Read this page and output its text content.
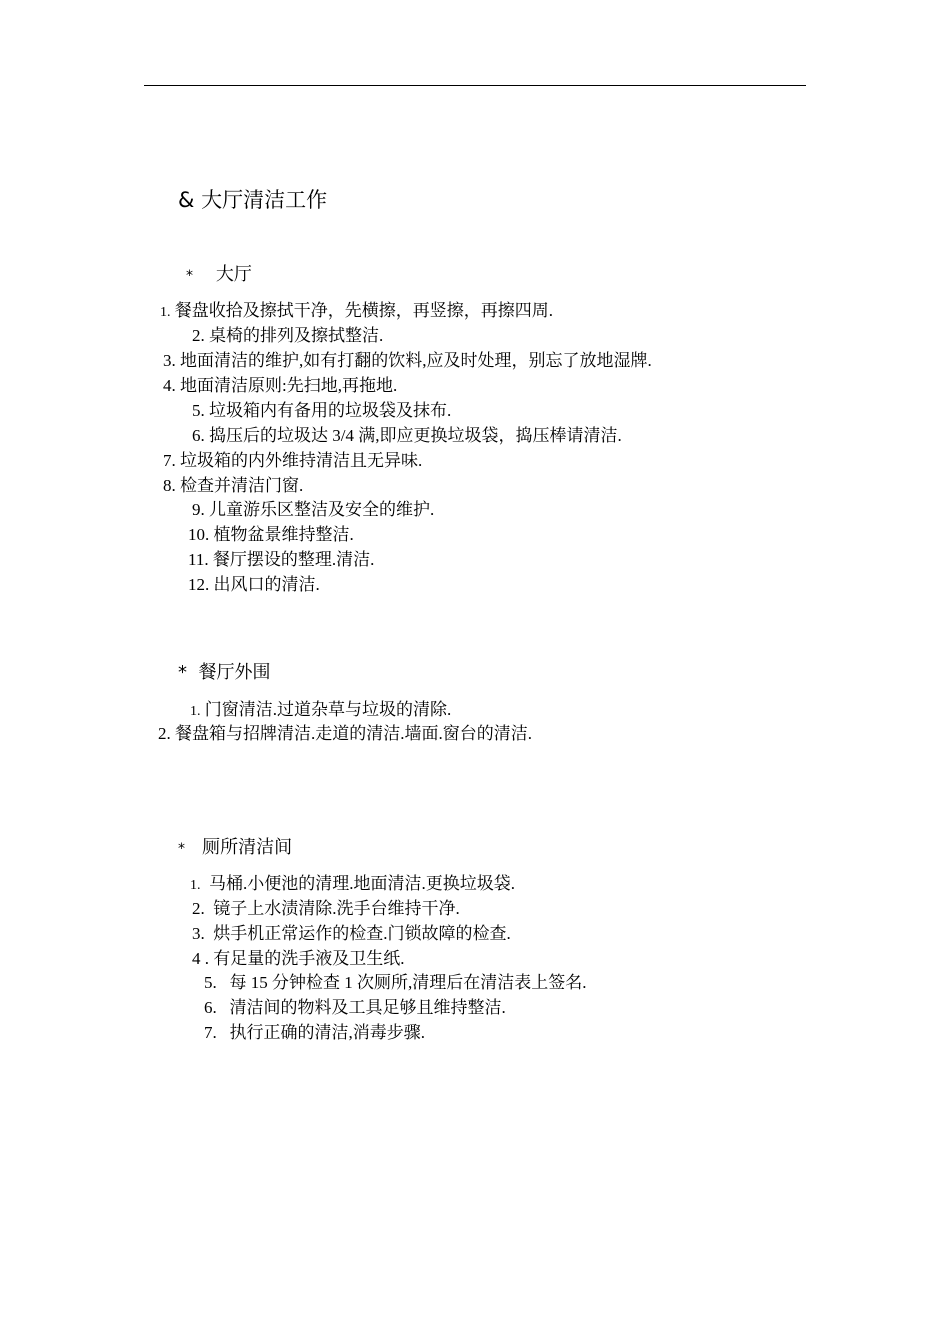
& 大厅清洁工作
* 大厅
1. 餐盘收拾及擦拭干净，先横擦，再竖擦，再擦四周.
2. 桌椅的排列及擦拭整洁.
3. 地面清洁的维护,如有打翻的饮料,应及时处理，别忘了放地湿牌.
4. 地面清洁原则:先扫地,再拖地.
5. 垃圾箱内有备用的垃圾袋及抹布.
6. 捣压后的垃圾达 3/4 满,即应更换垃圾袋，捣压棒请清洁.
7. 垃圾箱的内外维持清洁且无异味.
8. 检查并清洁门窗.
9. 儿童游乐区整洁及安全的维护.
10. 植物盆景维持整洁.
11. 餐厅摆设的整理.清洁.
12. 出风口的清洁.
* 餐厅外围
1. 门窗清洁.过道杂草与垃圾的清除.
2. 餐盘箱与招牌清洁.走道的清洁.墙面.窗台的清洁.
* 厕所清洁间
1. 马桶.小便池的清理.地面清洁.更换垃圾袋.
2. 镜子上水渍清除.洗手台维持干净.
3. 烘手机正常运作的检查.门锁故障的检查.
4 . 有足量的洗手液及卫生纸.
5. 每 15 分钟检查 1 次厕所,清理后在清洁表上签名.
6. 清洁间的物料及工具足够且维持整洁.
7. 执行正确的清洁,消毒步骤.
